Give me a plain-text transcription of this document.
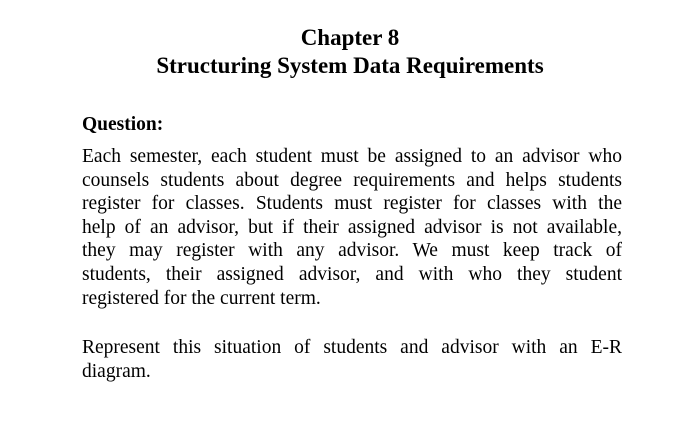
Chapter 8
Structuring System Data Requirements
Question:
Each semester, each student must be assigned to an advisor who
counsels students about degree requirements and helps students
register for classes. Students must register for classes with the
help of an advisor, but if their assigned advisor is not available,
they may register with any advisor. We must keep track of
students, their assigned advisor, and with who they student
registered for the current term.
Represent this situation of students and advisor with an E-R
diagram.
